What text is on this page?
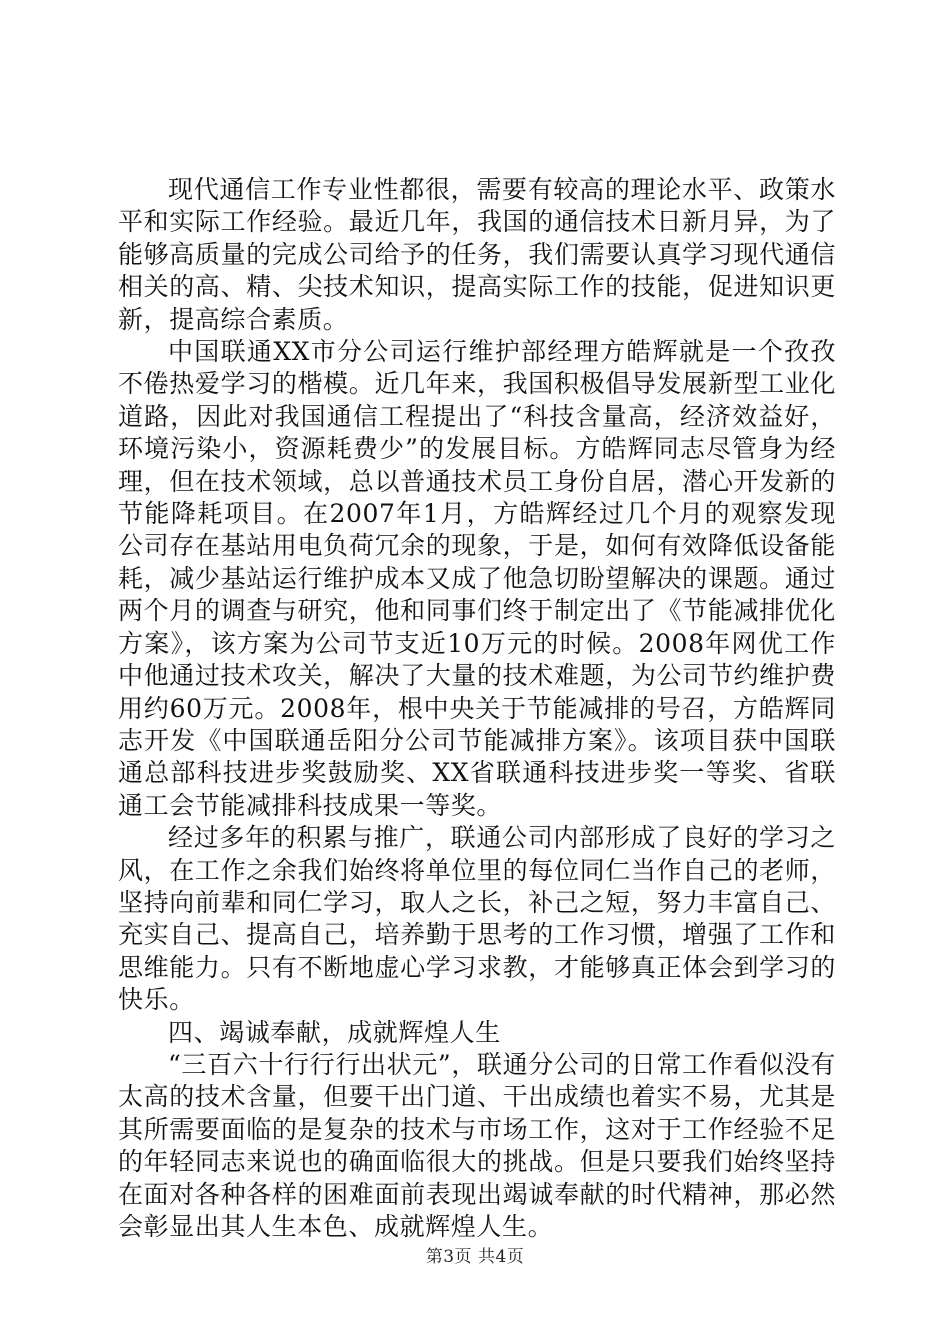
现代通信工作专业性都很，需要有较高的理论水平、政策水平和实际工作经验。最近几年，我国的通信技术日新月异，为了能够高质量的完成公司给予的任务，我们需要认真学习现代通信相关的高、精、尖技术知识，提高实际工作的技能，促进知识更新，提高综合素质。

中国联通XX市分公司运行维护部经理方皓辉就是一个孜孜不倦热爱学习的楷模。近几年来，我国积极倡导发展新型工业化道路，因此对我国通信工程提出了“科技含量高，经济效益好，环境污染小，资源耗费少”的发展目标。方皓辉同志尽管身为经理，但在技术领域，总以普通技术员工身份自居，潜心开发新的节能降耗项目。在2007年1月，方皓辉经过几个月的观察发现公司存在基站用电负荷冗余的现象，于是，如何有效降低设备能耗，减少基站运行维护成本又成了他急切盼望解决的课题。通过两个月的调查与研究，他和同事们终于制定出了《节能减排优化方案》，该方案为公司节支近10万元的时候。2008年网优工作中他通过技术攻关，解决了大量的技术难题，为公司节约维护费用约60万元。2008年，根中央关于节能减排的号召，方皓辉同志开发《中国联通岳阳分公司节能减排方案》。该项目获中国联通总部科技进步奖鼓励奖、XX省联通科技进步奖一等奖、省联通工会节能减排科技成果一等奖。

经过多年的积累与推广，联通公司内部形成了良好的学习之风，在工作之余我们始终将单位里的每位同仁当作自己的老师，坚持向前辈和同仁学习，取人之长，补己之短，努力丰富自己、充实自己、提高自己，培养勤于思考的工作习惯，增强了工作和思维能力。只有不断地虚心学习求教，才能够真正体会到学习的快乐。

四、竭诚奉献，成就辉煌人生

“三百六十行行行出状元”，联通分公司的日常工作看似没有太高的技术含量，但要干出门道、干出成绩也着实不易，尤其是其所需要面临的是复杂的技术与市场工作，这对于工作经验不足的年轻同志来说也的确面临很大的挑战。但是只要我们始终坚持在面对各种各样的困难面前表现出竭诚奉献的时代精神，那必然会彰显出其人生本色、成就辉煌人生。

第3页 共4页
